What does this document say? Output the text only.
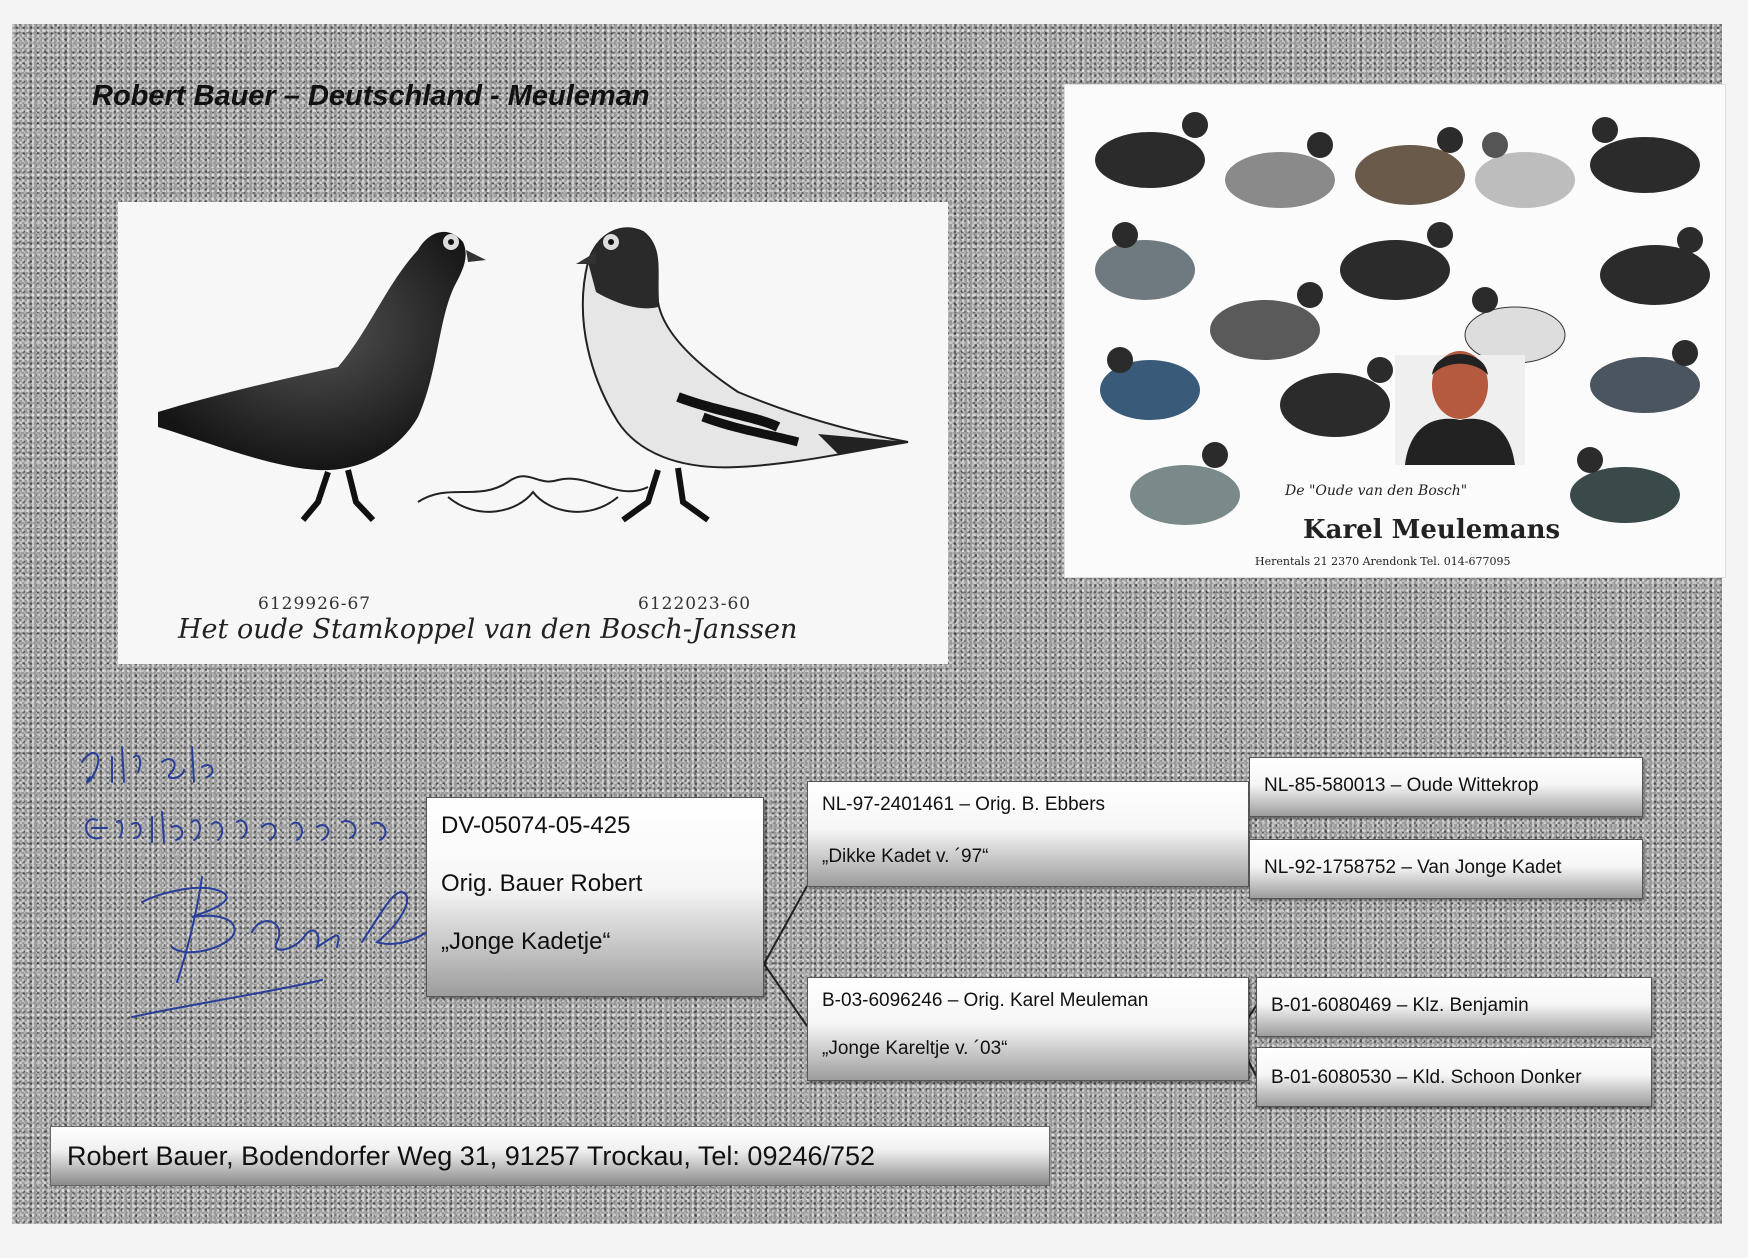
Robert Bauer – Deutschland - Meuleman
6129926-67	6122023-60
Het oude Stamkoppel van den Bosch-Janssen
De "Oude van den Bosch"
Karel Meulemans
Herentals 21 2370 Arendonk Tel. 014-677095
DV-05074-05-425
Orig. Bauer Robert
„Jonge Kadetje“
NL-97-2401461 – Orig. B. Ebbers
„Dikke Kadet v. ´97“
B-03-6096246 – Orig. Karel Meuleman
„Jonge Kareltje v. ´03“
NL-85-580013 – Oude Wittekrop
NL-92-1758752 – Van Jonge Kadet
B-01-6080469 – Klz. Benjamin
B-01-6080530 – Kld. Schoon Donker
Robert Bauer, Bodendorfer Weg 31, 91257 Trockau, Tel: 09246/752
